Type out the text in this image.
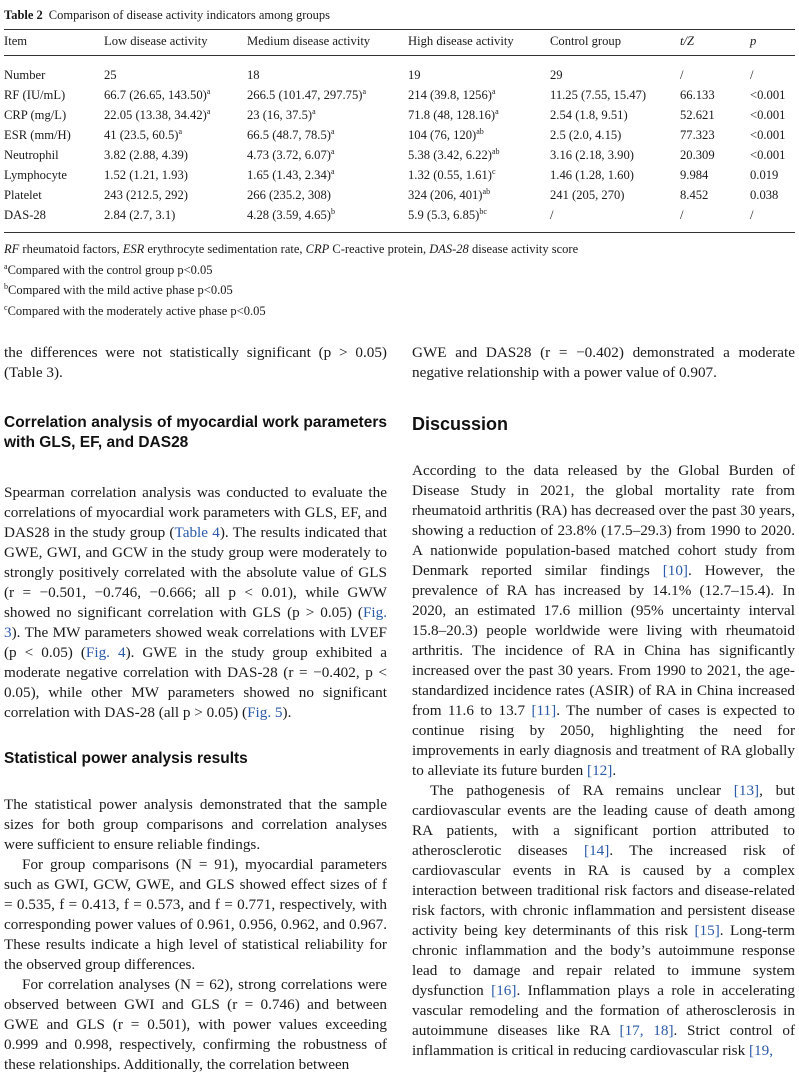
Table 2 Comparison of disease activity indicators among groups
Item	Low disease activity	Medium disease activity	High disease activity	Control group	t/Z	p
Number	25	18	19	29	/	/
RF (IU/mL)	66.7 (26.65, 143.50)$^a$	266.5 (101.47, 297.75)$^a$	214 (39.8, 1256)$^a$	11.25 (7.55, 15.47)	66.133	<0.001
CRP (mg/L)	22.05 (13.38, 34.42)$^a$	23 (16, 37.5)$^a$	71.8 (48, 128.16)$^a$	2.54 (1.8, 9.51)	52.621	<0.001
ESR (mm/H)	41 (23.5, 60.5)$^a$	66.5 (48.7, 78.5)$^a$	104 (76, 120)$^{ab}$	2.5 (2.0, 4.15)	77.323	<0.001
Neutrophil	3.82 (2.88, 4.39)	4.73 (3.72, 6.07)$^a$	5.38 (3.42, 6.22)$^{ab}$	3.16 (2.18, 3.90)	20.309	<0.001
Lymphocyte	1.52 (1.21, 1.93)	1.65 (1.43, 2.34)$^a$	1.32 (0.55, 1.61)$^c$	1.46 (1.28, 1.60)	9.984	0.019
Platelet	243 (212.5, 292)	266 (235.2, 308)	324 (206, 401)$^{ab}$	241 (205, 270)	8.452	0.038
DAS-28	2.84 (2.7, 3.1)	4.28 (3.59, 4.65)$^b$	5.9 (5.3, 6.85)$^{bc}$	/	/	/
RF rheumatoid factors, ESR erythrocyte sedimentation rate, CRP C-reactive protein, DAS-28 disease activity score
$^a$Compared with the control group p<0.05
$^b$Compared with the mild active phase p<0.05
$^c$Compared with the moderately active phase p<0.05

the differences were not statistically significant (p > 0.05) (Table 3).

Correlation analysis of myocardial work parameters with GLS, EF, and DAS28

Spearman correlation analysis was conducted to evaluate the correlations of myocardial work parameters with GLS, EF, and DAS28 in the study group (Table 4). The results indicated that GWE, GWI, and GCW in the study group were moderately to strongly positively correlated with the absolute value of GLS (r = −0.501, −0.746, −0.666; all p < 0.01), while GWW showed no significant correlation with GLS (p > 0.05) (Fig. 3). The MW parameters showed weak correlations with LVEF (p < 0.05) (Fig. 4). GWE in the study group exhibited a moderate negative correlation with DAS-28 (r = −0.402, p < 0.05), while other MW parameters showed no significant correlation with DAS-28 (all p > 0.05) (Fig. 5).

Statistical power analysis results

The statistical power analysis demonstrated that the sample sizes for both group comparisons and correlation analyses were sufficient to ensure reliable findings.

For group comparisons (N = 91), myocardial parameters such as GWI, GCW, GWE, and GLS showed effect sizes of f = 0.535, f = 0.413, f = 0.573, and f = 0.771, respectively, with corresponding power values of 0.961, 0.956, 0.962, and 0.967. These results indicate a high level of statistical reliability for the observed group differences.

For correlation analyses (N = 62), strong correlations were observed between GWI and GLS (r = 0.746) and between GWE and GLS (r = 0.501), with power values exceeding 0.999 and 0.998, respectively, confirming the robustness of these relationships. Additionally, the correlation between

GWE and DAS28 (r = −0.402) demonstrated a moderate negative relationship with a power value of 0.907.

Discussion

According to the data released by the Global Burden of Disease Study in 2021, the global mortality rate from rheumatoid arthritis (RA) has decreased over the past 30 years, showing a reduction of 23.8% (17.5–29.3) from 1990 to 2020. A nationwide population-based matched cohort study from Denmark reported similar findings [10]. However, the prevalence of RA has increased by 14.1% (12.7–15.4). In 2020, an estimated 17.6 million (95% uncertainty interval 15.8–20.3) people worldwide were living with rheumatoid arthritis. The incidence of RA in China has significantly increased over the past 30 years. From 1990 to 2021, the age-standardized incidence rates (ASIR) of RA in China increased from 11.6 to 13.7 [11]. The number of cases is expected to continue rising by 2050, highlighting the need for improvements in early diagnosis and treatment of RA globally to alleviate its future burden [12].

The pathogenesis of RA remains unclear [13], but cardiovascular events are the leading cause of death among RA patients, with a significant portion attributed to atherosclerotic diseases [14]. The increased risk of cardiovascular events in RA is caused by a complex interaction between traditional risk factors and disease-related risk factors, with chronic inflammation and persistent disease activity being key determinants of this risk [15]. Long-term chronic inflammation and the body’s autoimmune response lead to damage and repair related to immune system dysfunction [16]. Inflammation plays a role in accelerating vascular remodeling and the formation of atherosclerosis in autoimmune diseases like RA [17, 18]. Strict control of inflammation is critical in reducing cardiovascular risk [19,
